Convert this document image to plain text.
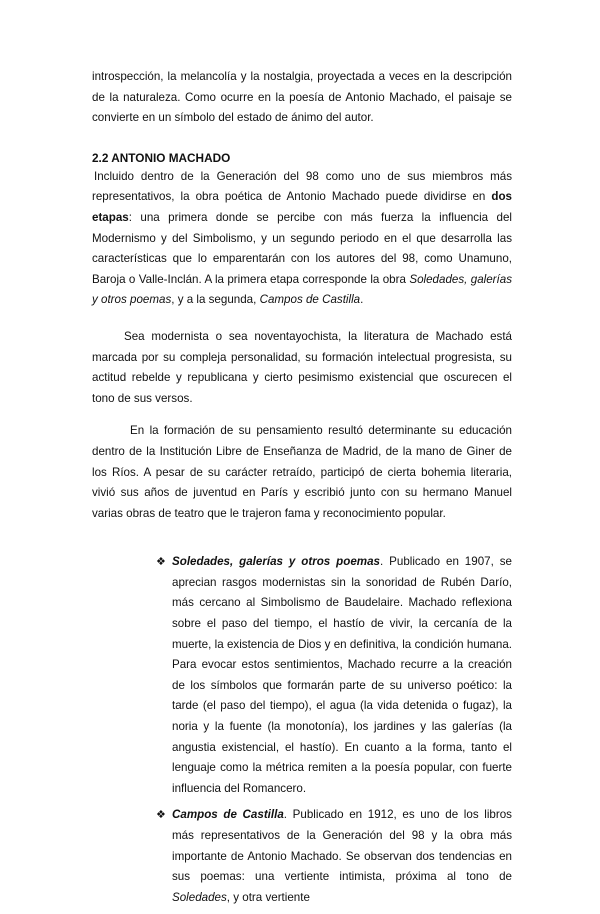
introspección, la melancolía y la nostalgia, proyectada a veces en la descripción de la naturaleza. Como ocurre en la poesía de Antonio Machado, el paisaje se convierte en un símbolo del estado de ánimo del autor.

2.2 ANTONIO MACHADO

Incluido dentro de la Generación del 98 como uno de sus miembros más representativos, la obra poética de Antonio Machado puede dividirse en dos etapas: una primera donde se percibe con más fuerza la influencia del Modernismo y del Simbolismo, y un segundo periodo en el que desarrolla las características que lo emparentarán con los autores del 98, como Unamuno, Baroja o Valle-Inclán. A la primera etapa corresponde la obra Soledades, galerías y otros poemas, y a la segunda, Campos de Castilla.

Sea modernista o sea noventayochista, la literatura de Machado está marcada por su compleja personalidad, su formación intelectual progresista, su actitud rebelde y republicana y cierto pesimismo existencial que oscurecen el tono de sus versos.

En la formación de su pensamiento resultó determinante su educación dentro de la Institución Libre de Enseñanza de Madrid, de la mano de Giner de los Ríos. A pesar de su carácter retraído, participó de cierta bohemia literaria, vivió sus años de juventud en París y escribió junto con su hermano Manuel varias obras de teatro que le trajeron fama y reconocimiento popular.

❖ Soledades, galerías y otros poemas. Publicado en 1907, se aprecian rasgos modernistas sin la sonoridad de Rubén Darío, más cercano al Simbolismo de Baudelaire. Machado reflexiona sobre el paso del tiempo, el hastío de vivir, la cercanía de la muerte, la existencia de Dios y en definitiva, la condición humana. Para evocar estos sentimientos, Machado recurre a la creación de los símbolos que formarán parte de su universo poético: la tarde (el paso del tiempo), el agua (la vida detenida o fugaz), la noria y la fuente (la monotonía), los jardines y las galerías (la angustia existencial, el hastío). En cuanto a la forma, tanto el lenguaje como la métrica remiten a la poesía popular, con fuerte influencia del Romancero.

❖ Campos de Castilla. Publicado en 1912, es uno de los libros más representativos de la Generación del 98 y la obra más importante de Antonio Machado. Se observan dos tendencias en sus poemas: una vertiente intimista, próxima al tono de Soledades, y otra vertiente
